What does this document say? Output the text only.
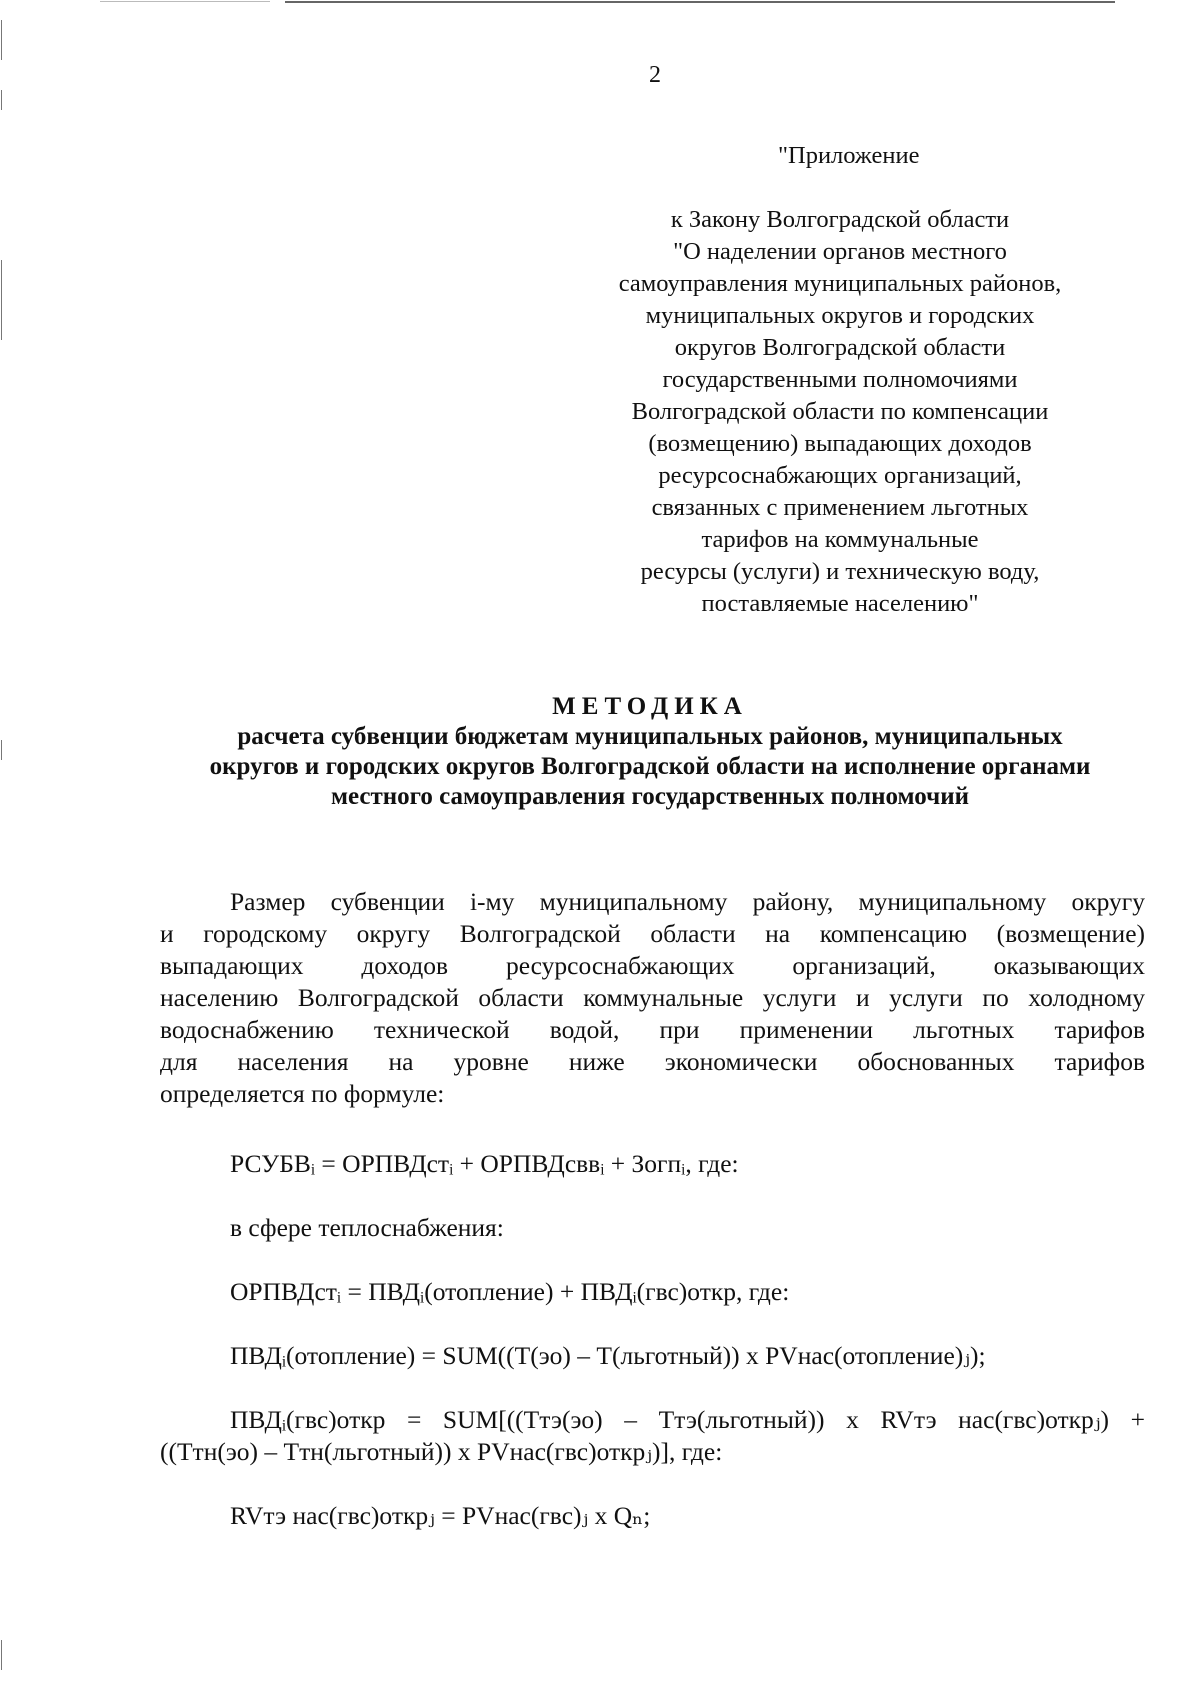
2
"Приложение
к Закону Волгоградской области
"О наделении органов местного
самоуправления муниципальных районов,
муниципальных округов и городских
округов Волгоградской области
государственными полномочиями
Волгоградской области по компенсации
(возмещению) выпадающих доходов
ресурсоснабжающих организаций,
связанных с применением льготных
тарифов на коммунальные
ресурсы (услуги) и техническую воду,
поставляемые населению"
МЕТОДИКА
расчета субвенции бюджетам муниципальных районов, муниципальных
округов и городских округов Волгоградской области на исполнение органами
местного самоуправления государственных полномочий
Размер субвенции i-му муниципальному району, муниципальному округу
и городскому округу Волгоградской области на компенсацию (возмещение)
выпадающих доходов ресурсоснабжающих организаций, оказывающих
населению Волгоградской области коммунальные услуги и услуги по холодному
водоснабжению технической водой, при применении льготных тарифов
для населения на уровне ниже экономически обоснованных тарифов
определяется по формуле:
РСУБВᵢ = ОРПВДстᵢ + ОРПВДсввᵢ + Зогпᵢ, где:
в сфере теплоснабжения:
ОРПВДстᵢ = ПВДᵢ(отопление) + ПВДᵢ(гвс)откр, где:
ПВДᵢ(отопление) = SUM((Т(эо) – Т(льготный)) х PVнас(отопление)ⱼ);
ПВДᵢ(гвс)откр = SUM[((Ттэ(эо) – Ттэ(льготный)) х RVтэ нас(гвс)открⱼ) +
((Ттн(эо) – Ттн(льготный)) х PVнас(гвс)открⱼ)], где:
RVтэ нас(гвс)открⱼ = PVнас(гвс)ⱼ х Qₙ;
